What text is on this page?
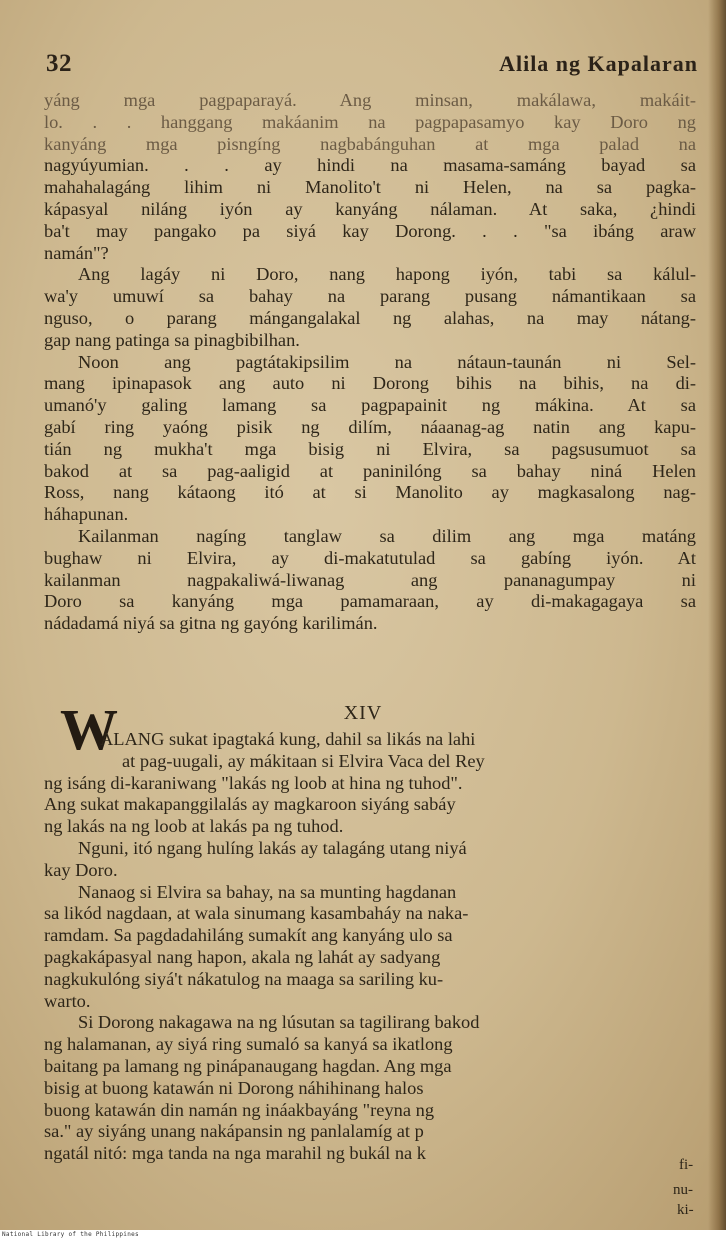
32	Alila ng Kapalaran
yáng mga pagpaparayá. Ang minsan, makálawa, makáit-
lo. . . hanggang makáanim na pagpapasamyo kay Doro ng
kanyáng mga pisngíng nagbabánguhan at mga palad na
nagyúyumian. . . ay hindi na masama-samáng bayad sa
mahahalagáng lihim ni Manolito't ni Helen, na sa pagka-
kápasyal niláng iyón ay kanyáng nálaman. At saka, ¿hindi
ba't may pangako pa siyá kay Dorong. . . "sa ibáng araw
namán"?
Ang lagáy ni Doro, nang hapong iyón, tabi sa kálul-
wa'y umuwí sa bahay na parang pusang námantikaan sa
nguso, o parang mángangalakal ng alahas, na may nátang-
gap nang patinga sa pinagbibilhan.
Noon ang pagtátakipsilim na nátaun-taunán ni Sel-
mang ipinapasok ang auto ni Dorong bihis na bihis, na di-
umanó'y galing lamang sa pagpapainit ng mákina. At sa
gabí ring yaóng pisik ng dilím, náaanag-ag natin ang kapu-
tián ng mukha't mga bisig ni Elvira, sa pagsusumuot sa
bakod at sa pag-aaligid at paninilóng sa bahay niná Helen
Ross, nang kátaong itó at si Manolito ay magkasalong nag-
háhapunan.
Kailanman nagíng tanglaw sa dilim ang mga matáng
bughaw ni Elvira, ay di-makatutulad sa gabíng iyón. At
kailanman nagpakaliwá-liwanag ang pananagumpay ni
Doro sa kanyáng mga pamamaraan, ay di-makagagaya sa
nádadamá niyá sa gitna ng gayóng karilimán.
XIV
W
ALANG sukat ipagtaká kung, dahil sa likás na lahi
at pag-uugali, ay mákitaan si Elvira Vaca del Rey
ng isáng di-karaniwang "lakás ng loob at hina ng tuhod".
Ang sukat makapanggilalás ay magkaroon siyáng sabáy
ng lakás na ng loob at lakás pa ng tuhod.
Nguni, itó ngang hulíng lakás ay talagáng utang niyá
kay Doro.
Nanaog si Elvira sa bahay, na sa munting hagdanan
sa likód nagdaan, at wala sinumang kasambaháy na naka-
ramdam. Sa pagdadahiláng sumakít ang kanyáng ulo sa
pagkakápasyal nang hapon, akala ng lahát ay sadyang
nagkukulóng siyá't nákatulog na maaga sa sariling ku-
warto.
Si Dorong nakagawa na ng lúsutan sa tagilirang bakod
ng halamanan, ay siyá ring sumaló sa kanyá sa ikatlong
baitang pa lamang ng pinápanaugang hagdan. Ang mga
bisig at buong katawán ni Dorong náhihinang halos
buong katawán din namán ng ináakbayáng "reyna ng
sa." ay siyáng unang nakápansin ng panlalamíg at p
ngatál nitó: mga tanda na nga marahil ng bukál na k
fi-
nu-
ki-
National Library of the Philippines
